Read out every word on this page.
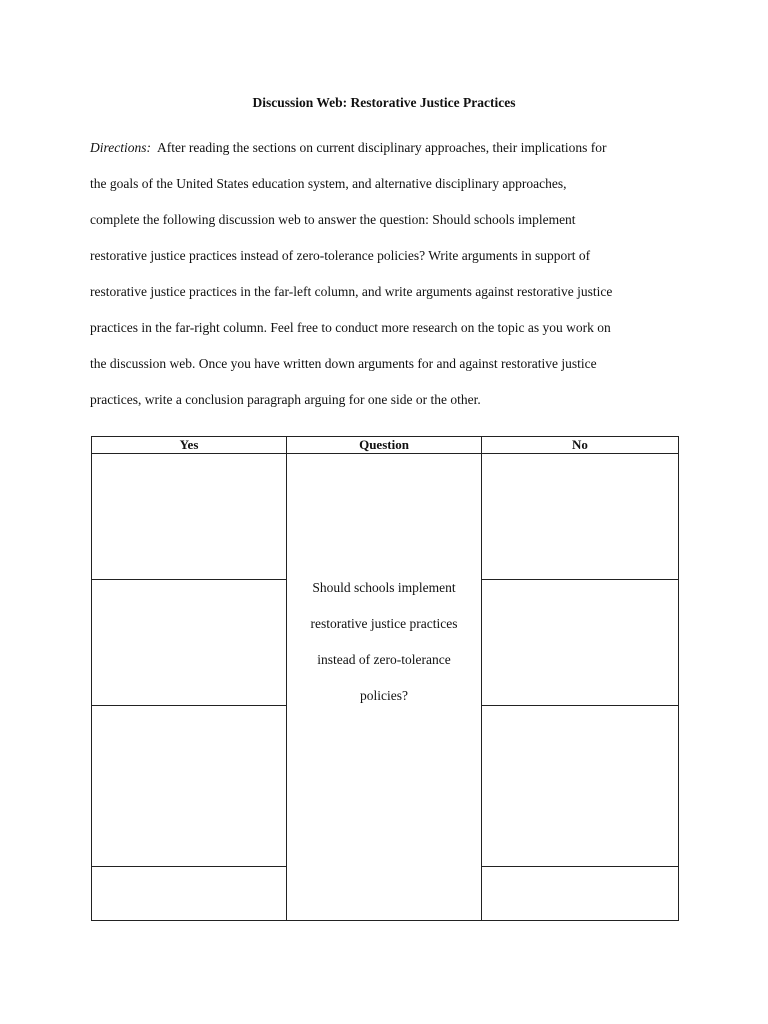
Discussion Web: Restorative Justice Practices
Directions: After reading the sections on current disciplinary approaches, their implications for
the goals of the United States education system, and alternative disciplinary approaches,
complete the following discussion web to answer the question: Should schools implement
restorative justice practices instead of zero-tolerance policies? Write arguments in support of
restorative justice practices in the far-left column, and write arguments against restorative justice
practices in the far-right column. Feel free to conduct more research on the topic as you work on
the discussion web. Once you have written down arguments for and against restorative justice
practices, write a conclusion paragraph arguing for one side or the other.
Yes	Question	No

	Should schools implement
restorative justice practices
instead of zero-tolerance
policies?	
